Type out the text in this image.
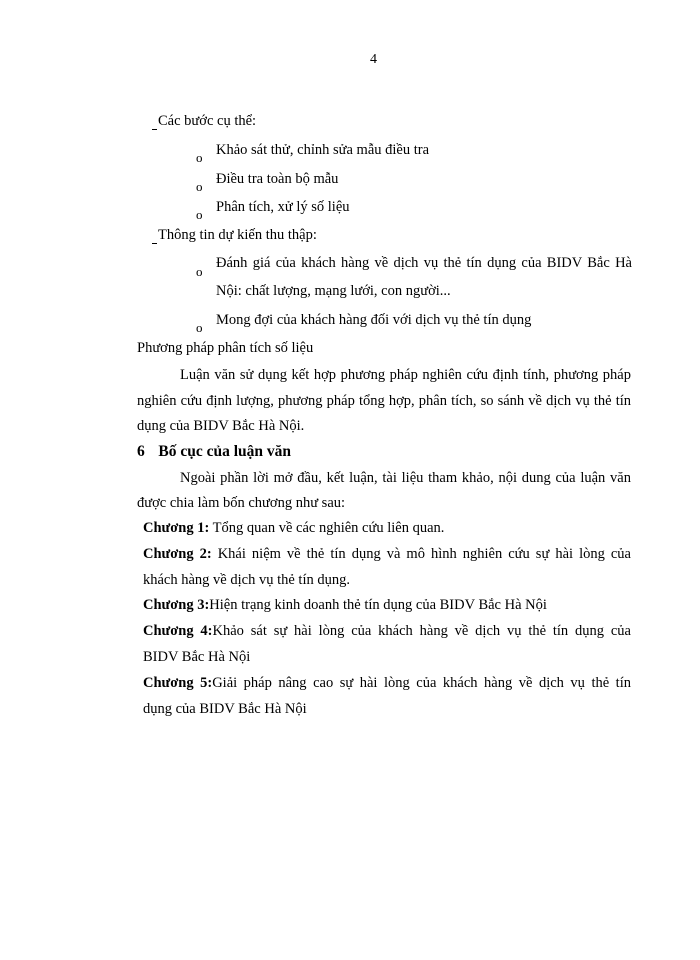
4
Các bước cụ thể:
o Khảo sát thử, chỉnh sửa mẫu điều tra
o Điều tra toàn bộ mẫu
o Phân tích, xử lý số liệu
Thông tin dự kiến thu thập:
o
Đánh giá của khách hàng về dịch vụ thẻ tín dụng của BIDV Bắc Hà
Nội: chất lượng, mạng lưới, con người...
o Mong đợi của khách hàng đối với dịch vụ thẻ tín dụng
Phương pháp phân tích số liệu
Luận văn sử dụng kết hợp phương pháp nghiên cứu định tính, phương pháp
nghiên cứu định lượng, phương pháp tổng hợp, phân tích, so sánh về dịch vụ thẻ tín
dụng của BIDV Bắc Hà Nội.
6 Bố cục của luận văn
Ngoài phần lời mở đầu, kết luận, tài liệu tham khảo, nội dung của luận văn
được chia làm bốn chương như sau:
Chương 1: Tổng quan về các nghiên cứu liên quan.
Chương 2: Khái niệm về thẻ tín dụng và mô hình nghiên cứu sự hài lòng của
khách hàng về dịch vụ thẻ tín dụng.
Chương 3:Hiện trạng kinh doanh thẻ tín dụng của BIDV Bắc Hà Nội
Chương 4:Khảo sát sự hài lòng của khách hàng về dịch vụ thẻ tín dụng của
BIDV Bắc Hà Nội
Chương 5:Giải pháp nâng cao sự hài lòng của khách hàng về dịch vụ thẻ tín
dụng của BIDV Bắc Hà Nội
